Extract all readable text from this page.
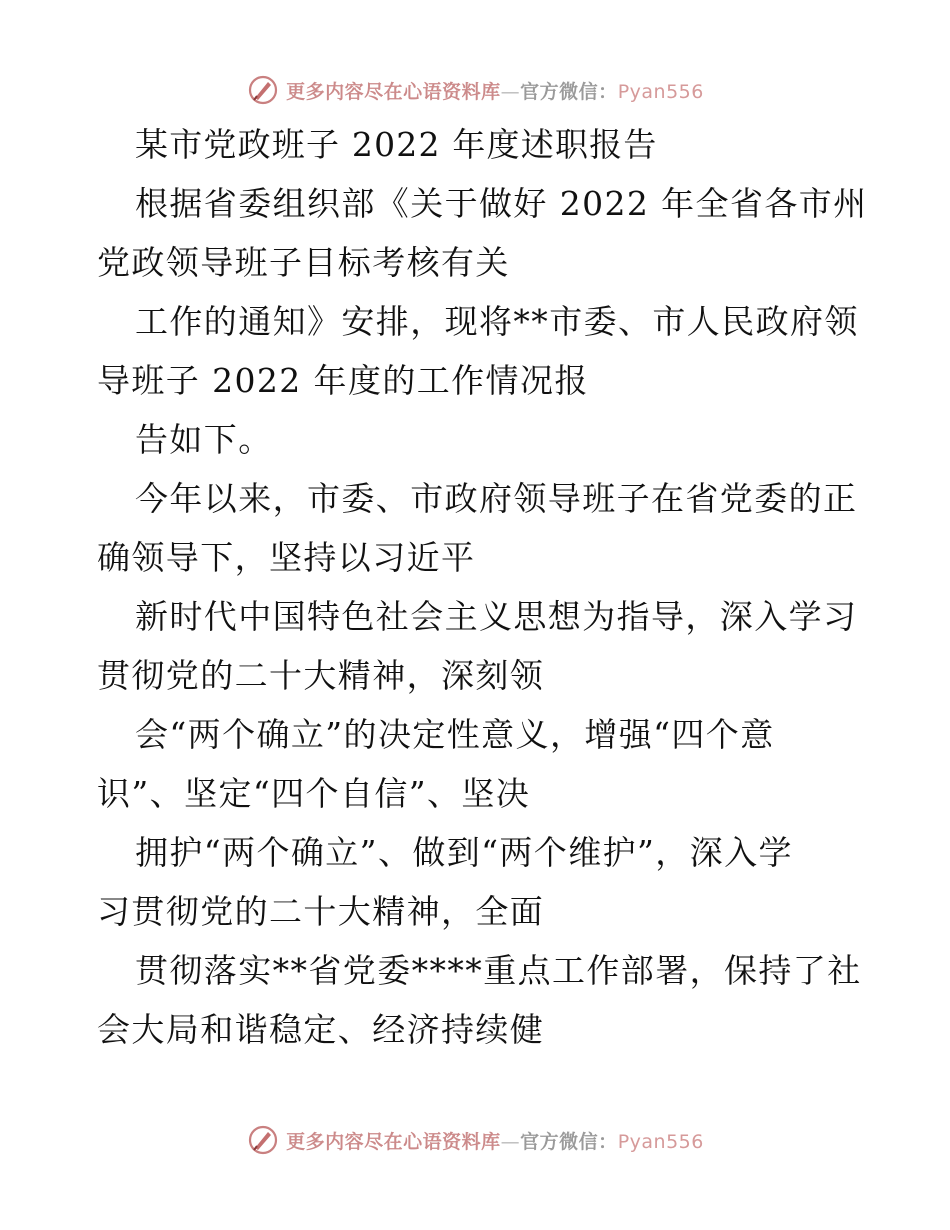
更多内容尽在心语资料库—官方微信：Pyan556
某市党政班子 2022 年度述职报告
根据省委组织部《关于做好 2022 年全省各市州
党政领导班子目标考核有关
工作的通知》安排，现将**市委、市人民政府领
导班子 2022 年度的工作情况报
告如下。
今年以来，市委、市政府领导班子在省党委的正
确领导下，坚持以习近平
新时代中国特色社会主义思想为指导，深入学习
贯彻党的二十大精神，深刻领
会“两个确立”的决定性意义，增强“四个意
识”、坚定“四个自信”、坚决
拥护“两个确立”、做到“两个维护”，深入学
习贯彻党的二十大精神，全面
贯彻落实**省党委****重点工作部署，保持了社
会大局和谐稳定、经济持续健
更多内容尽在心语资料库—官方微信：Pyan556
